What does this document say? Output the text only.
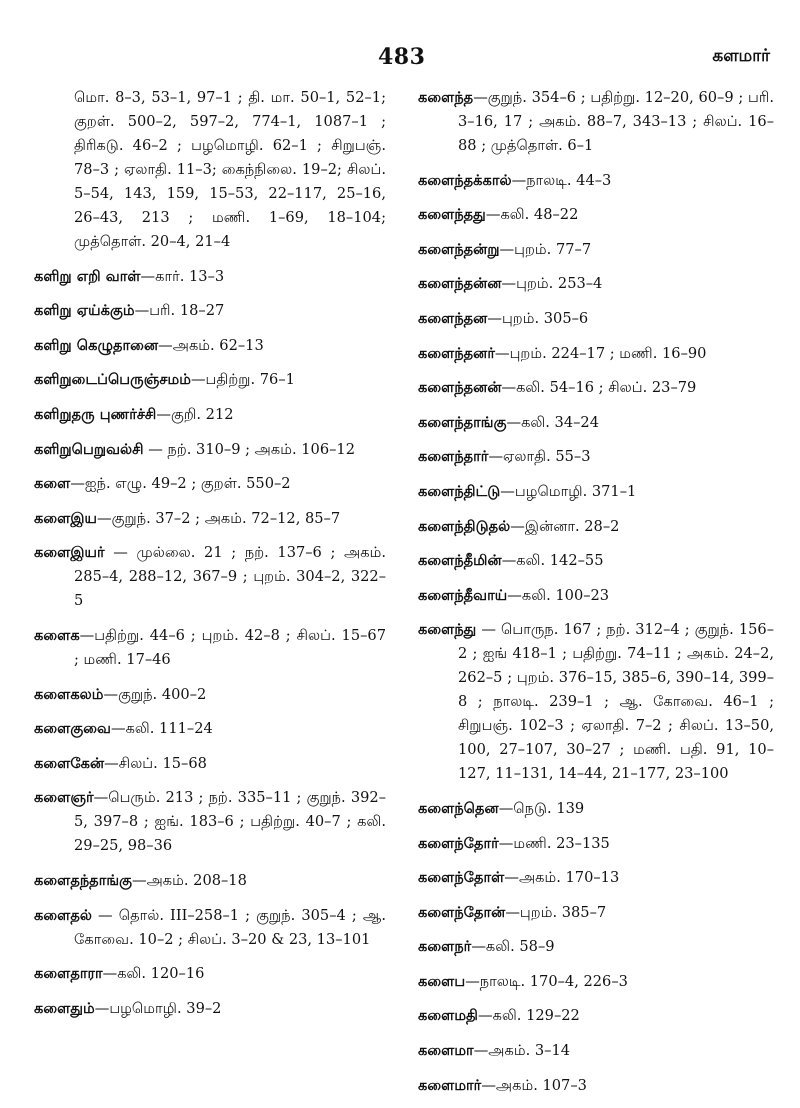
483	களமார்

மொ. 8–3, 53–1, 97–1 ; தி. மா. 50–1, 52–1; குறள். 500–2, 597–2, 774–1, 1087–1 ; திரிகடு. 46–2 ; பழமொழி. 62–1 ; சிறுபஞ். 78–3 ; ஏலாதி. 11–3; கைந்நிலை. 19–2; சிலப். 5–54, 143, 159, 15–53, 22–117, 25–16, 26–43, 213 ; மணி. 1–69, 18–104; முத்தொள். 20–4, 21–4

களிறு எறி வாள்—கார். 13–3

களிறு ஏய்க்கும்—பரி. 18–27

களிறு கெழுதானை—அகம். 62–13

களிறுடைப்பெருஞ்சமம்—பதிற்று. 76–1

களிறுதரு புணர்ச்சி—குறி. 212

களிறுபெறுவல்சி — நற். 310–9 ; அகம். 106–12

களை—ஐந். எழு. 49–2 ; குறள். 550–2

களைஇய—குறுந். 37–2 ; அகம். 72–12, 85–7

களைஇயர் — முல்லை. 21 ; நற். 137–6 ; அகம். 285–4, 288–12, 367–9 ; புறம். 304–2, 322–5

களைக—பதிற்று. 44–6 ; புறம். 42–8 ; சிலப். 15–67 ; மணி. 17–46

களைகலம்—குறுந். 400–2

களைகுவை—கலி. 111–24

களைகேன்—சிலப். 15–68

களைஞர்—பெரும். 213 ; நற். 335–11 ; குறுந். 392–5, 397–8 ; ஐங். 183–6 ; பதிற்று. 40–7 ; கலி. 29–25, 98–36

களைதந்தாங்கு—அகம். 208–18

களைதல் — தொல். III–258–1 ; குறுந். 305–4 ; ஆ. கோவை. 10–2 ; சிலப். 3–20 & 23, 13–101

களைதாரா—கலி. 120–16

களைதும்—பழமொழி. 39–2

களைந்த—குறுந். 354–6 ; பதிற்று. 12–20, 60–9 ; பரி. 3–16, 17 ; அகம். 88–7, 343–13 ; சிலப். 16–88 ; முத்தொள். 6–1

களைந்தக்கால்—நாலடி. 44–3

களைந்தது—கலி. 48–22

களைந்தன்று—புறம். 77–7

களைந்தன்ன—புறம். 253–4

களைந்தன—புறம். 305–6

களைந்தனர்—புறம். 224–17 ; மணி. 16–90

களைந்தனன்—கலி. 54–16 ; சிலப். 23–79

களைந்தாங்கு—கலி. 34–24

களைந்தார்—ஏலாதி. 55–3

களைந்திட்டு—பழமொழி. 371–1

களைந்திடுதல்—இன்னா. 28–2

களைந்தீமின்—கலி. 142–55

களைந்தீவாய்—கலி. 100–23

களைந்து — பொருந. 167 ; நற். 312–4 ; குறுந். 156–2 ; ஐங் 418–1 ; பதிற்று. 74–11 ; அகம். 24–2, 262–5 ; புறம். 376–15, 385–6, 390–14, 399–8 ; நாலடி. 239–1 ; ஆ. கோவை. 46–1 ; சிறுபஞ். 102–3 ; ஏலாதி. 7–2 ; சிலப். 13–50, 100, 27–107, 30–27 ; மணி. பதி. 91, 10–127, 11–131, 14–44, 21–177, 23–100

களைந்தென—நெடு. 139

களைந்தோர்—மணி. 23–135

களைந்தோள்—அகம். 170–13

களைந்தோன்—புறம். 385–7

களைநர்—கலி. 58–9

களைப—நாலடி. 170–4, 226–3

களைமதி—கலி. 129–22

களைமா—அகம். 3–14

களைமார்—அகம். 107–3
